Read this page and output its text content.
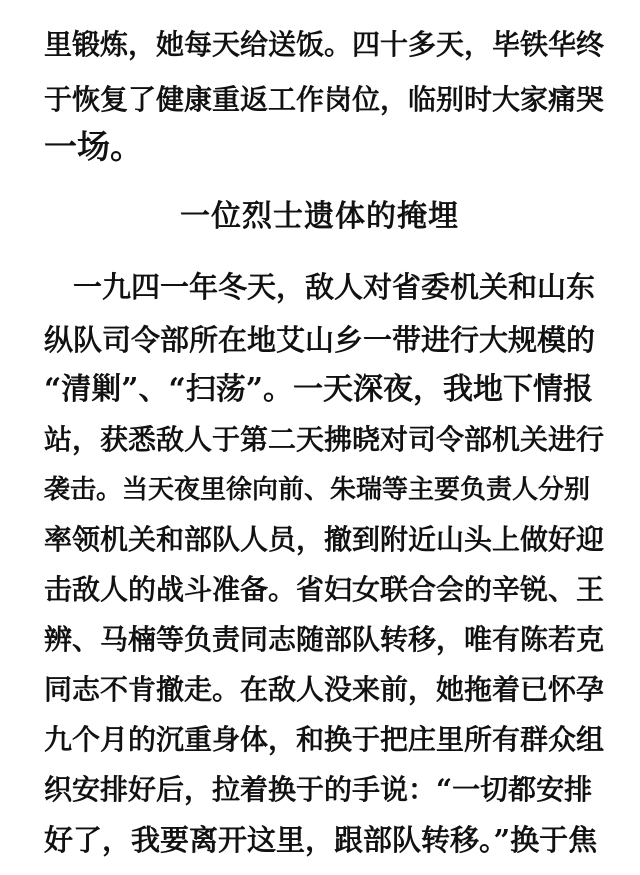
里锻炼，她每天给送饭。四十多天，毕铁华终
于恢复了健康重返工作岗位，临别时大家痛哭
一场。
一位烈士遗体的掩埋
　一九四一年冬天，敌人对省委机关和山东
纵队司令部所在地艾山乡一带进行大规模的
“清剿”、“扫荡”。一天深夜，我地下情报
站，获悉敌人于第二天拂晓对司令部机关进行
袭击。当天夜里徐向前、朱瑞等主要负责人分别
率领机关和部队人员，撤到附近山头上做好迎
击敌人的战斗准备。省妇女联合会的辛锐、王
辨、马楠等负责同志随部队转移，唯有陈若克
同志不肯撤走。在敌人没来前，她拖着已怀孕
九个月的沉重身体，和换于把庄里所有群众组
织安排好后，拉着换于的手说：“一切都安排
好了，我要离开这里，跟部队转移。”换于焦
